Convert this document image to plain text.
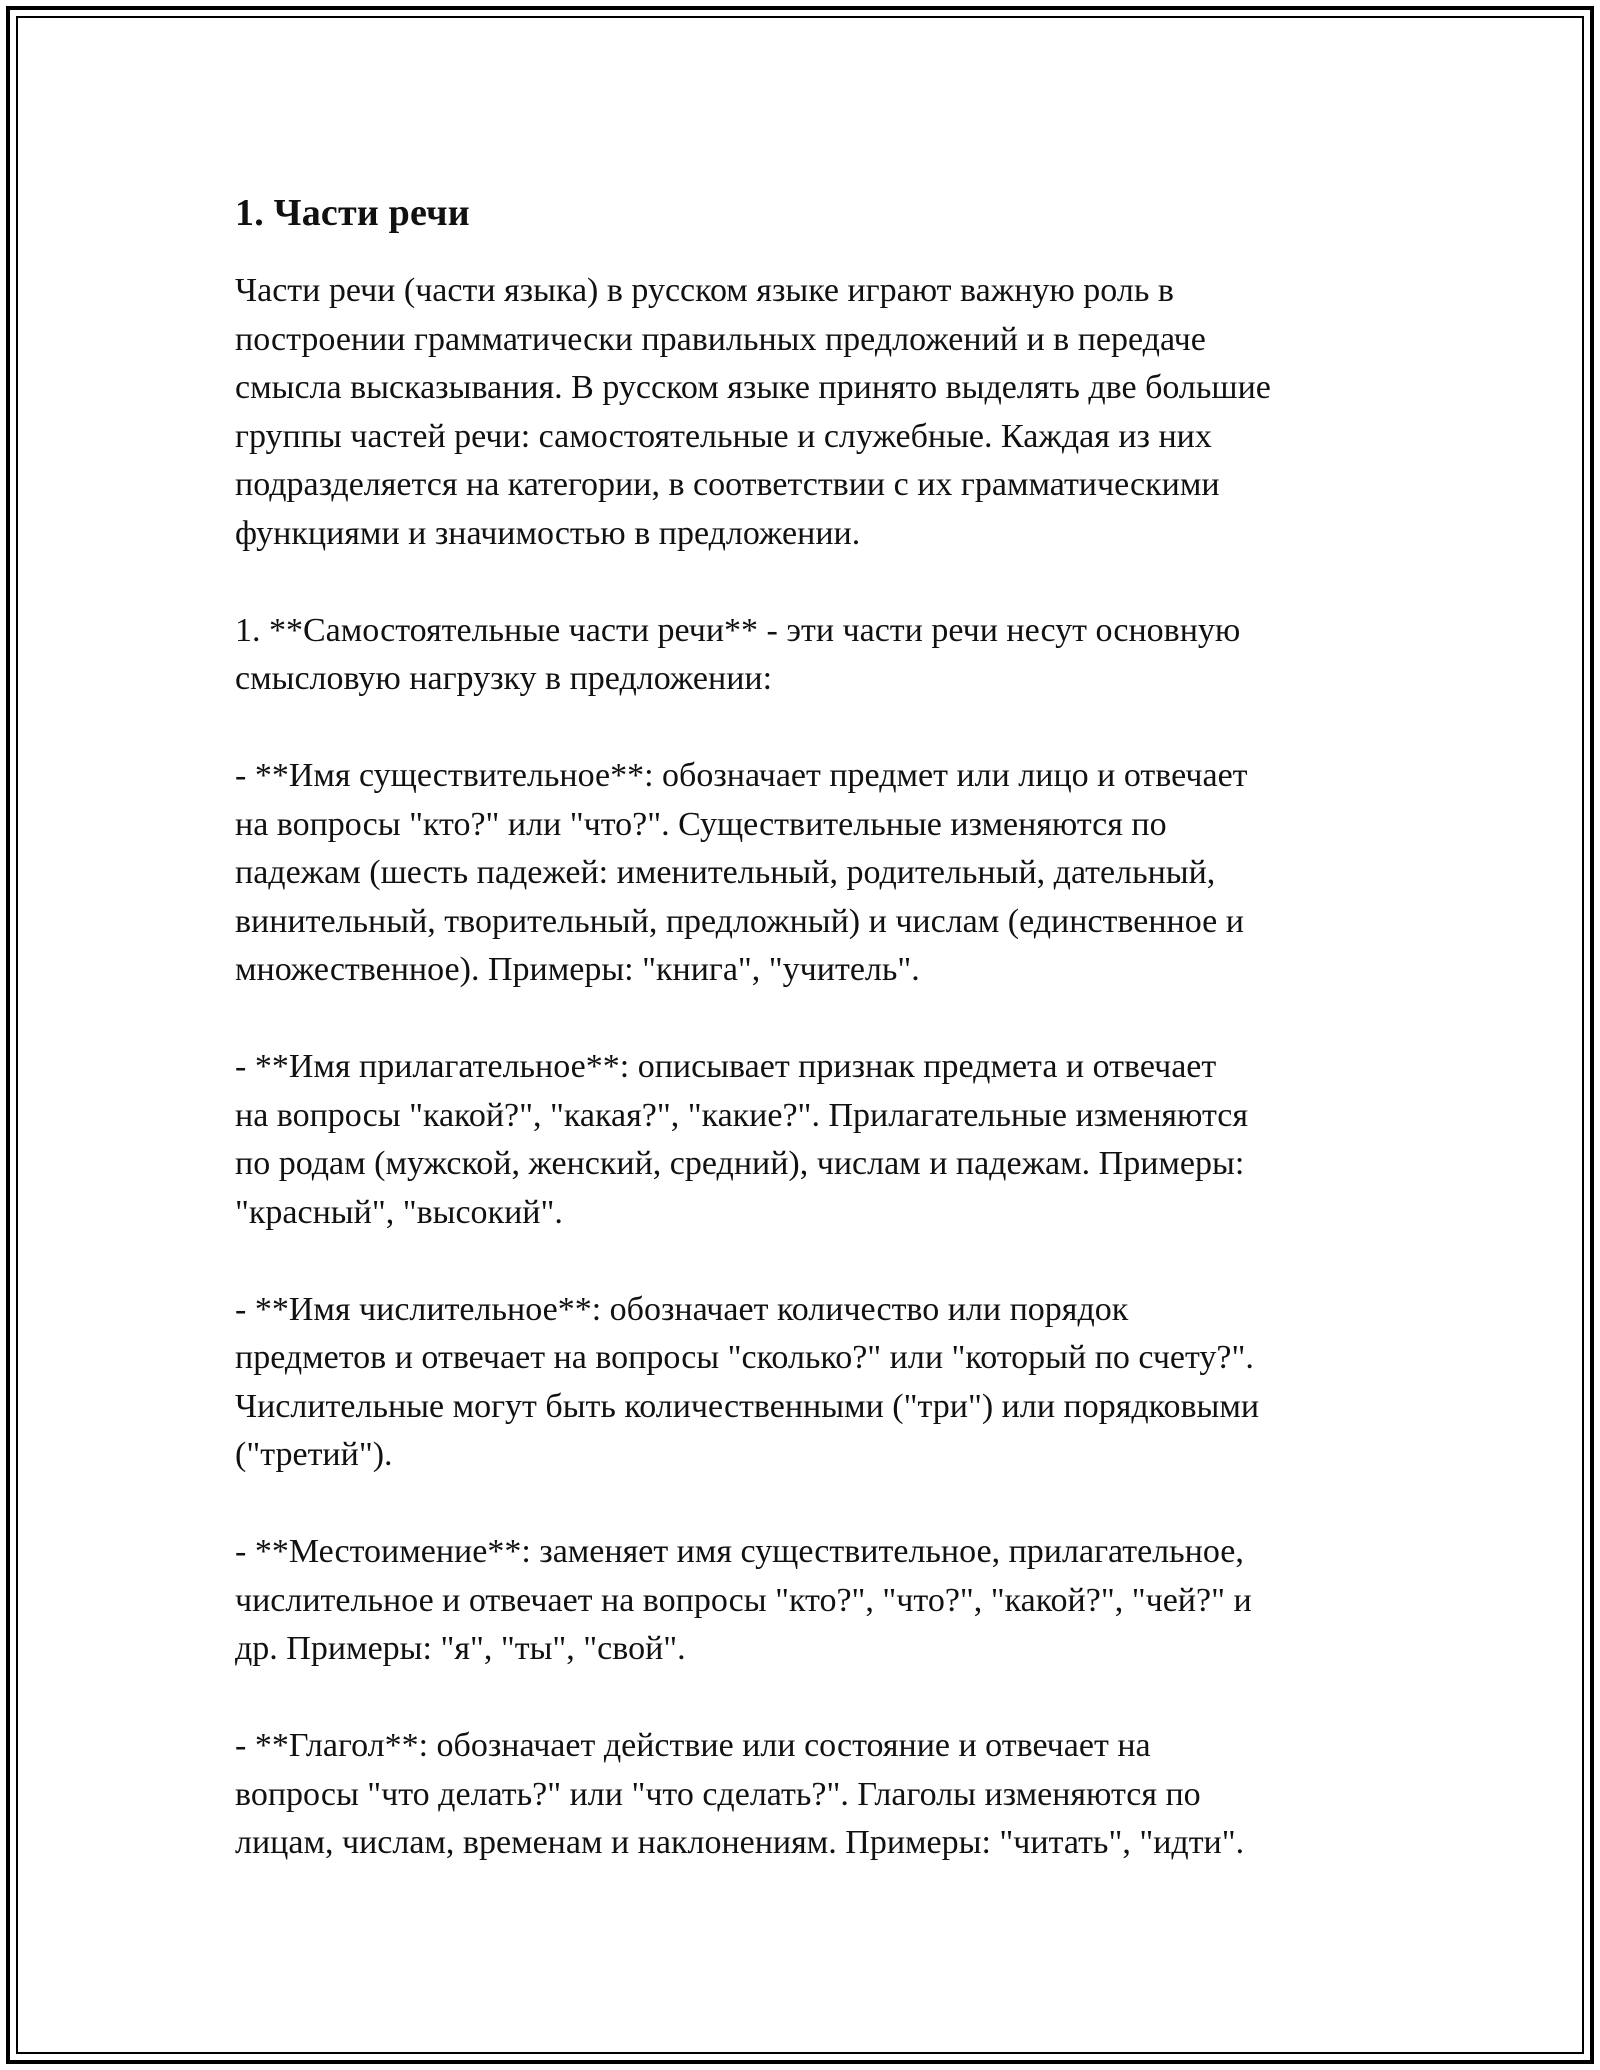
1. Части речи

Части речи (части языка) в русском языке играют важную роль в
построении грамматически правильных предложений и в передаче
смысла высказывания. В русском языке принято выделять две большие
группы частей речи: самостоятельные и служебные. Каждая из них
подразделяется на категории, в соответствии с их грамматическими
функциями и значимостью в предложении.

1. **Самостоятельные части речи** - эти части речи несут основную
смысловую нагрузку в предложении:

- **Имя существительное**: обозначает предмет или лицо и отвечает
на вопросы "кто?" или "что?". Существительные изменяются по
падежам (шесть падежей: именительный, родительный, дательный,
винительный, творительный, предложный) и числам (единственное и
множественное). Примеры: "книга", "учитель".

- **Имя прилагательное**: описывает признак предмета и отвечает
на вопросы "какой?", "какая?", "какие?". Прилагательные изменяются
по родам (мужской, женский, средний), числам и падежам. Примеры:
"красный", "высокий".

- **Имя числительное**: обозначает количество или порядок
предметов и отвечает на вопросы "сколько?" или "который по счету?".
Числительные могут быть количественными ("три") или порядковыми
("третий").

- **Местоимение**: заменяет имя существительное, прилагательное,
числительное и отвечает на вопросы "кто?", "что?", "какой?", "чей?" и
др. Примеры: "я", "ты", "свой".

- **Глагол**: обозначает действие или состояние и отвечает на
вопросы "что делать?" или "что сделать?". Глаголы изменяются по
лицам, числам, временам и наклонениям. Примеры: "читать", "идти".
